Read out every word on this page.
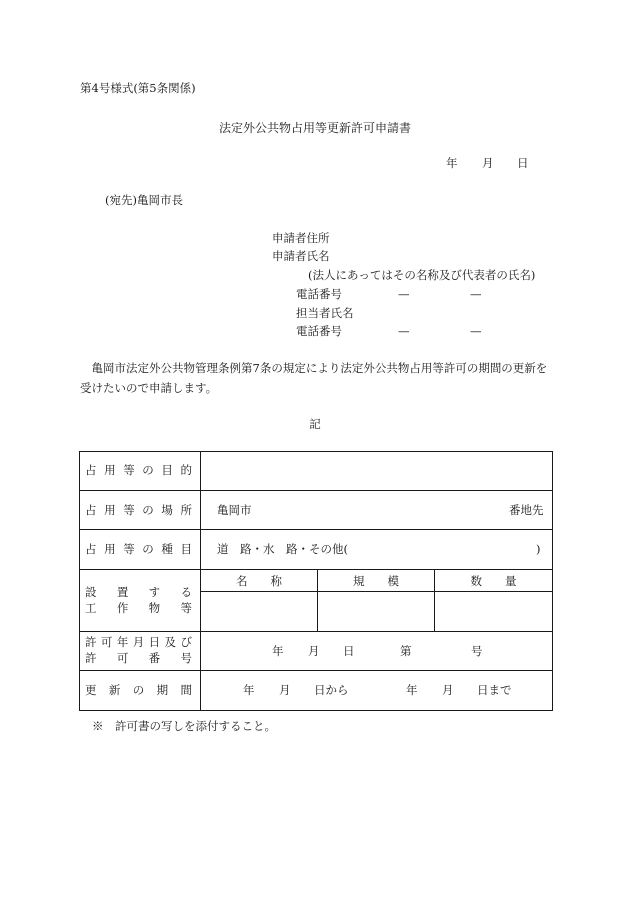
第4号様式(第5条関係)
法定外公共物占用等更新許可申請書
年 月 日
(宛先)亀岡市長
申請者住所
申請者氏名
(法人にあってはその名称及び代表者の氏名)
電話番号	—	—
担当者氏名
電話番号	—	—
亀岡市法定外公共物管理条例第7条の規定により法定外公共物占用等許可の期間の更新を受けたいので申請します。
記
占 用 等 の 目 的
占 用 等 の 場 所 亀岡市	番地先
占 用 等 の 種 目 道　路・水　路・その他(	)
設 置 す る
工 作 物 等
名　　称	規　　模	数　　量
許 可 年 月 日 及 び
許 可 番 号	年 月 日	第	号
更 新 の 期 間	年 月 日から	年 月 日まで
※　許可書の写しを添付すること。
